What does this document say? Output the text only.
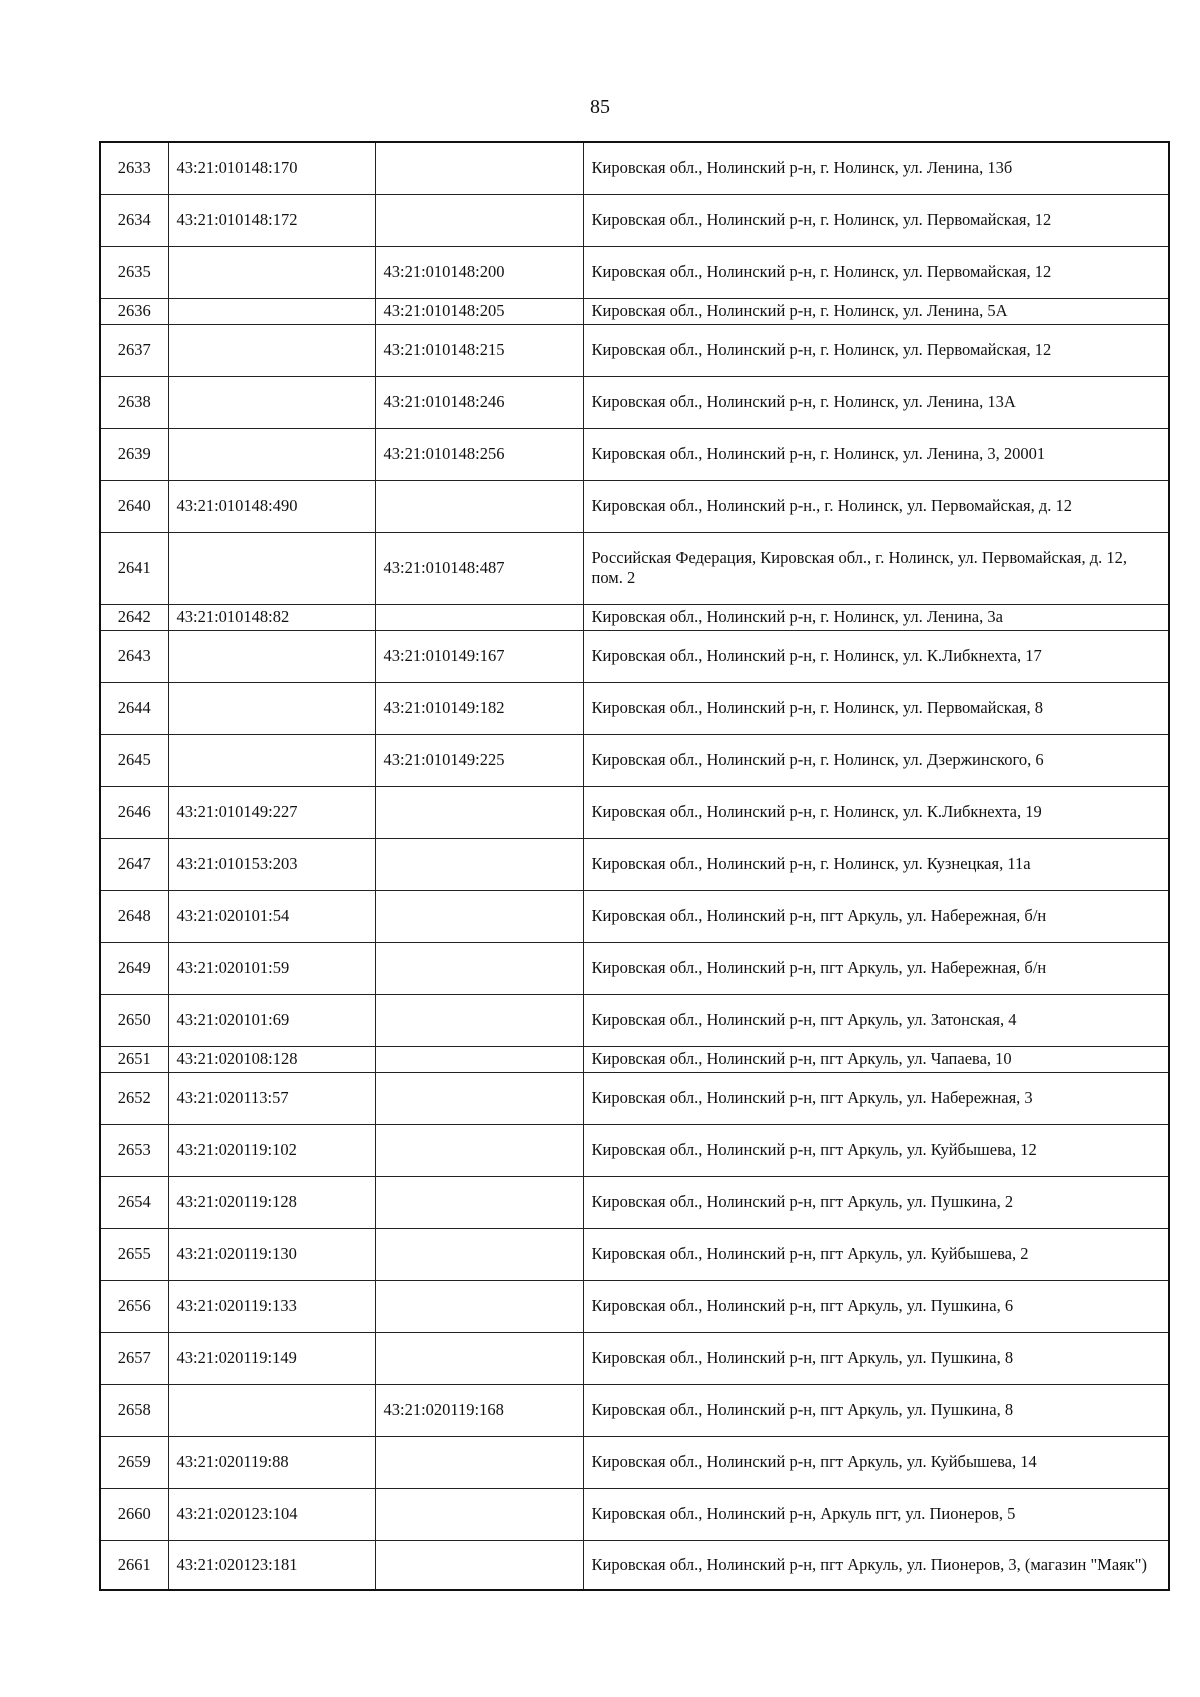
85
2633	43:21:010148:170		Кировская обл., Нолинский р-н, г. Нолинск, ул. Ленина, 13б
2634	43:21:010148:172		Кировская обл., Нолинский р-н, г. Нолинск, ул. Первомайская, 12
2635		43:21:010148:200	Кировская обл., Нолинский р-н, г. Нолинск, ул. Первомайская, 12
2636		43:21:010148:205	Кировская обл., Нолинский р-н, г. Нолинск, ул. Ленина, 5А
2637		43:21:010148:215	Кировская обл., Нолинский р-н, г. Нолинск, ул. Первомайская, 12
2638		43:21:010148:246	Кировская обл., Нолинский р-н, г. Нолинск, ул. Ленина, 13А
2639		43:21:010148:256	Кировская обл., Нолинский р-н, г. Нолинск, ул. Ленина, 3, 20001
2640	43:21:010148:490		Кировская обл., Нолинский р-н., г. Нолинск, ул. Первомайская, д. 12
2641		43:21:010148:487	Российская Федерация, Кировская обл., г. Нолинск, ул. Первомайская, д. 12, пом. 2
2642	43:21:010148:82		Кировская обл., Нолинский р-н, г. Нолинск, ул. Ленина, 3а
2643		43:21:010149:167	Кировская обл., Нолинский р-н, г. Нолинск, ул. К.Либкнехта, 17
2644		43:21:010149:182	Кировская обл., Нолинский р-н, г. Нолинск, ул. Первомайская, 8
2645		43:21:010149:225	Кировская обл., Нолинский р-н, г. Нолинск, ул. Дзержинского, 6
2646	43:21:010149:227		Кировская обл., Нолинский р-н, г. Нолинск, ул. К.Либкнехта, 19
2647	43:21:010153:203		Кировская обл., Нолинский р-н, г. Нолинск, ул. Кузнецкая, 11а
2648	43:21:020101:54		Кировская обл., Нолинский р-н, пгт Аркуль, ул. Набережная, б/н
2649	43:21:020101:59		Кировская обл., Нолинский р-н, пгт Аркуль, ул. Набережная, б/н
2650	43:21:020101:69		Кировская обл., Нолинский р-н, пгт Аркуль, ул. Затонская, 4
2651	43:21:020108:128		Кировская обл., Нолинский р-н, пгт Аркуль, ул. Чапаева, 10
2652	43:21:020113:57		Кировская обл., Нолинский р-н, пгт Аркуль, ул. Набережная, 3
2653	43:21:020119:102		Кировская обл., Нолинский р-н, пгт Аркуль, ул. Куйбышева, 12
2654	43:21:020119:128		Кировская обл., Нолинский р-н, пгт Аркуль, ул. Пушкина, 2
2655	43:21:020119:130		Кировская обл., Нолинский р-н, пгт Аркуль, ул. Куйбышева, 2
2656	43:21:020119:133		Кировская обл., Нолинский р-н, пгт Аркуль, ул. Пушкина, 6
2657	43:21:020119:149		Кировская обл., Нолинский р-н, пгт Аркуль, ул. Пушкина, 8
2658		43:21:020119:168	Кировская обл., Нолинский р-н, пгт Аркуль, ул. Пушкина, 8
2659	43:21:020119:88		Кировская обл., Нолинский р-н, пгт Аркуль, ул. Куйбышева, 14
2660	43:21:020123:104		Кировская обл., Нолинский р-н, Аркуль пгт, ул. Пионеров, 5
2661	43:21:020123:181		Кировская обл., Нолинский р-н, пгт Аркуль, ул. Пионеров, 3, (магазин "Маяк")
